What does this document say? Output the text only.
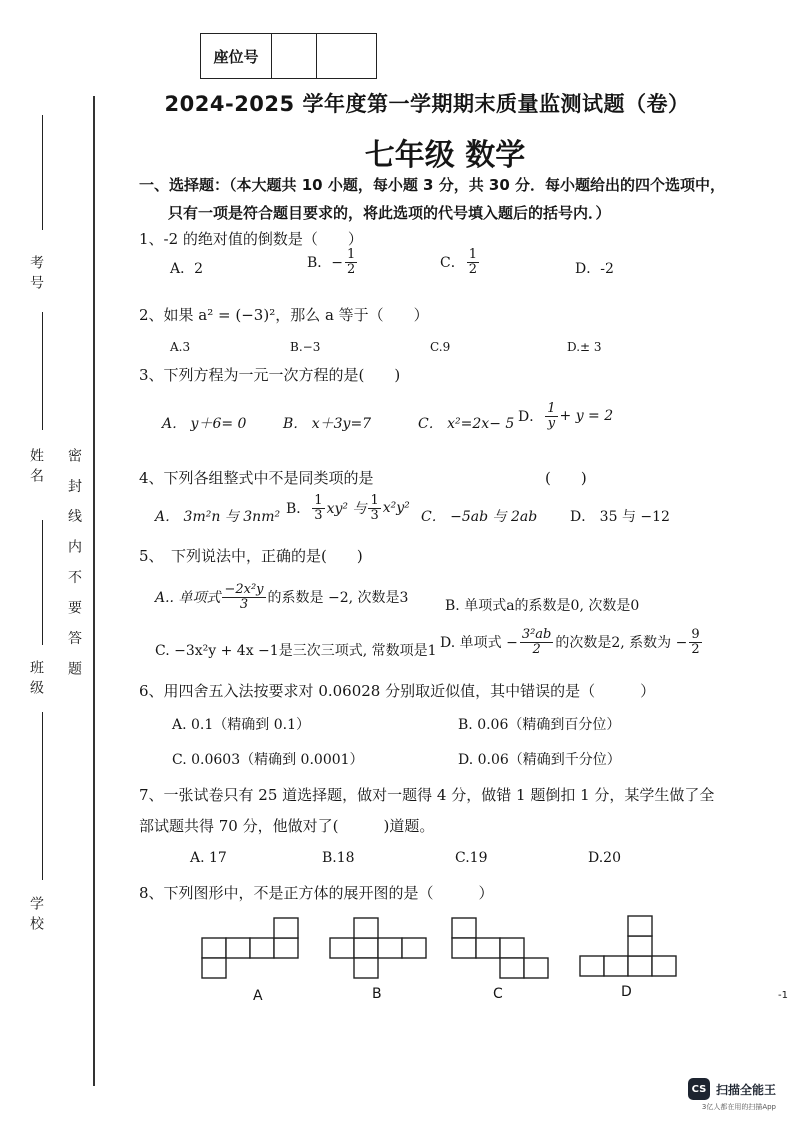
座位号
2024-2025 学年度第一学期期末质量监测试题（卷）
七年级 数学
考号
姓名
班级
学校
密 封 线 内 不 要 答 题
一、选择题：（本大题共 10 小题，每小题 3 分，共 30 分．每小题给出的四个选项中，
只有一项是符合题目要求的，将此选项的代号填入题后的括号内．）
1、-2 的绝对值的倒数是（　　）
A．2	B．− $\frac{1}{2}$	C． $\frac{1}{2}$	D．-2
2、如果 a² = (−3)²，那么 a 等于（　　）
A.3	B.−3	C.9	D.± 3
3、下列方程为一元一次方程的是(　　)
A． y＋6= 0	B． x＋3y=7	C． x²=2x− 5 D． $\frac{1}{y} + y = 2$
4、下列各组整式中不是同类项的是	(　　)
A． 3m²n 与 3nm² B． $\frac{1}{3} xy^2$ 与 $\frac{1}{3} x^2y^2$
C． −5ab 与 2ab D． 35 与 −12
5、　下列说法中，正确的是(　　)
A.. 单项式 $\frac{\text{−2x²y}}{3}$ 的系数是 −2, 次数是3	B. 单项式a的系数是0, 次数是0
C. −3x²y + 4x −1是三次三项式, 常数项是1 D. 单项式 − $\frac{\text{3²ab}}{2}$ 的次数是2, 系数为 − $\frac{9}{2}$
6、用四舍五入法按要求对 0.06028 分别取近似值，其中错误的是（　　　）
A. 0.1（精确到 0.1）	B. 0.06（精确到百分位）
C. 0.0603（精确到 0.0001）	D. 0.06（精确到千分位）
7、一张试卷只有 25 道选择题，做对一题得 4 分，做错 1 题倒扣 1 分，某学生做了全
部试题共得 70 分，他做对了(　　　)道题。
A. 17	B.18	C.19	D.20
8、下列图形中，不是正方体的展开图的是（　　　）
A	B	C	D	-1
CS 扫描全能王
3亿人都在用的扫描App
